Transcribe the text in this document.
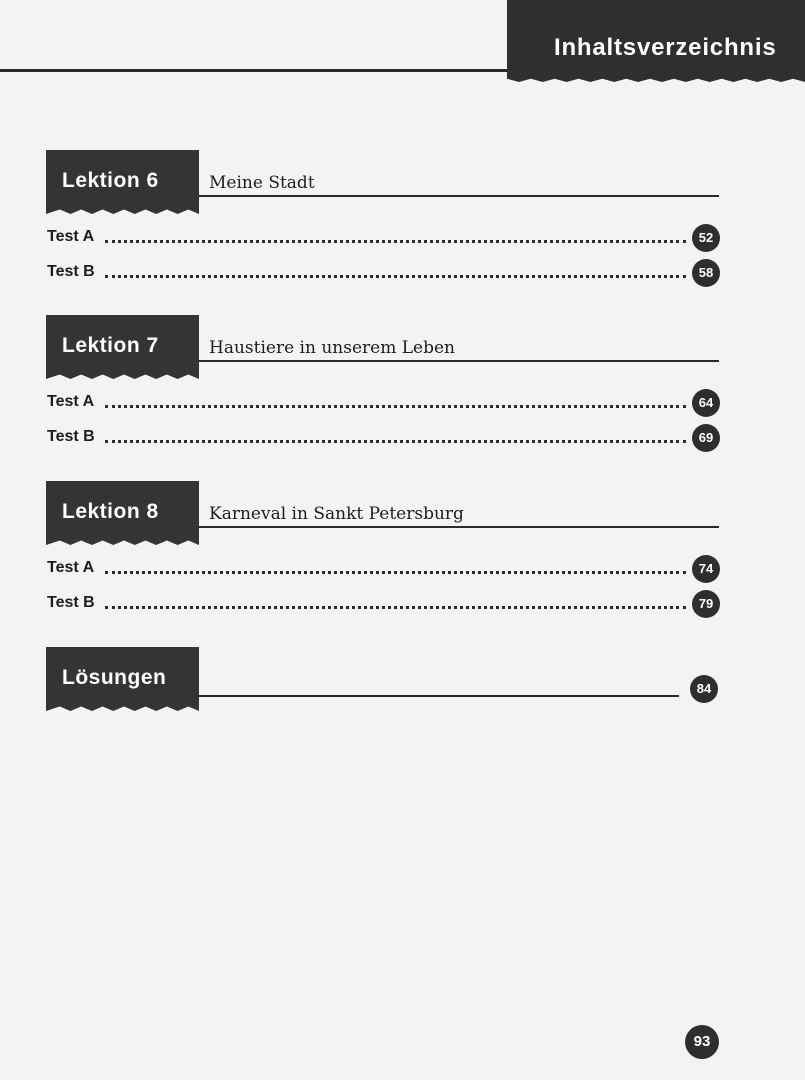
Inhaltsverzeichnis
Lektion 6	Meine Stadt
Test A	52
Test B	58
Lektion 7	Haustiere in unserem Leben
Test A	64
Test B	69
Lektion 8	Karneval in Sankt Petersburg
Test A	74
Test B	79
Lösungen	84
93
